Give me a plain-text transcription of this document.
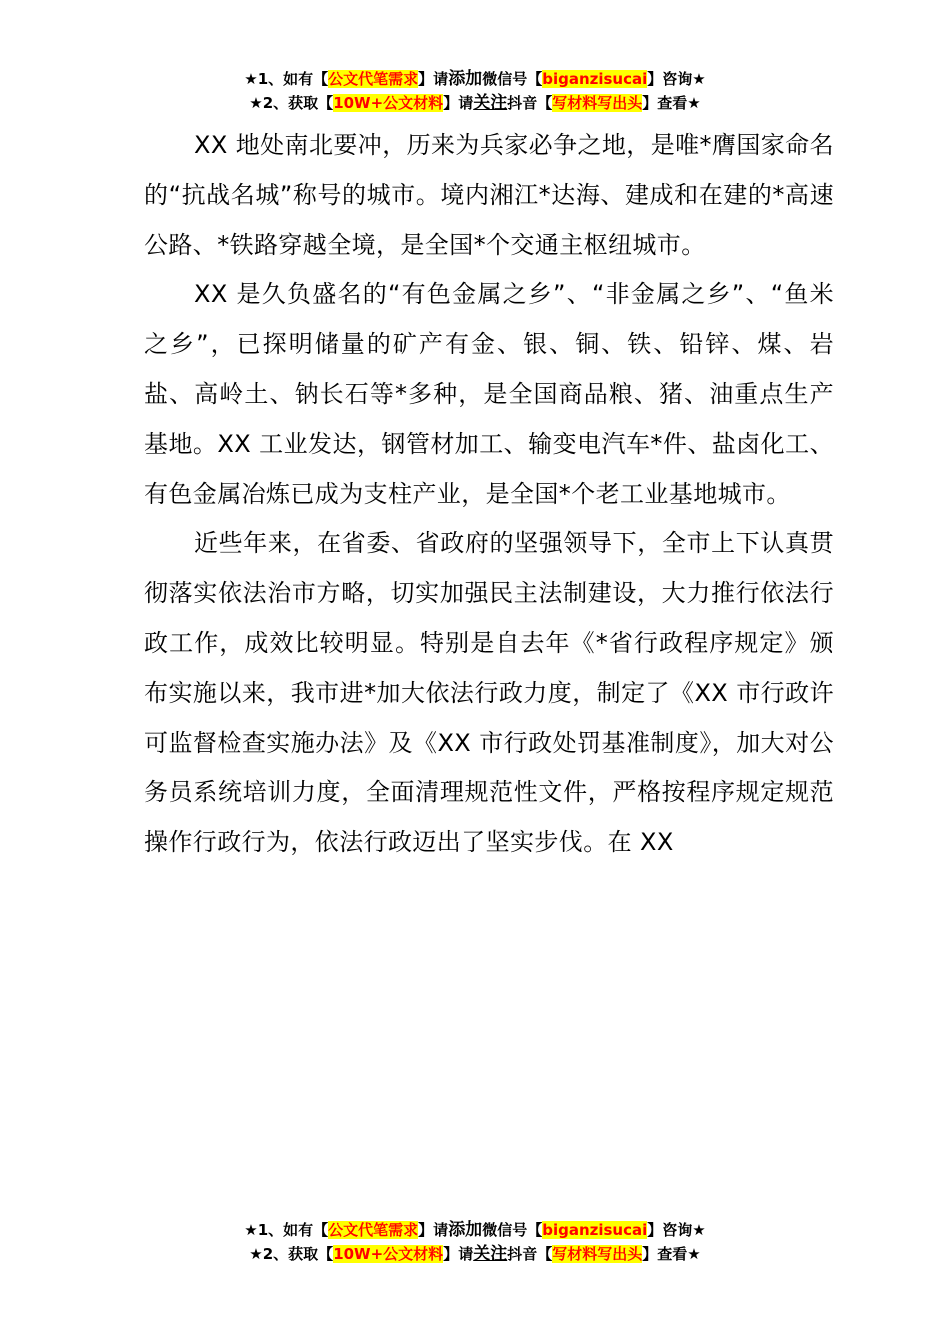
★1、如有【公文代笔需求】请添加微信号【biganzisucai】咨询★
★2、获取【10W+公文材料】请关注抖音【写材料写出头】查看★

XX 地处南北要冲，历来为兵家必争之地，是唯*膺国家命名的“抗战名城”称号的城市。境内湘江*达海、建成和在建的*高速公路、*铁路穿越全境，是全国*个交通主枢纽城市。

XX 是久负盛名的“有色金属之乡”、“非金属之乡”、“鱼米之乡”，已探明储量的矿产有金、银、铜、铁、铅锌、煤、岩盐、高岭土、钠长石等*多种，是全国商品粮、猪、油重点生产基地。XX 工业发达，钢管材加工、输变电汽车*件、盐卤化工、有色金属冶炼已成为支柱产业，是全国*个老工业基地城市。

近些年来，在省委、省政府的坚强领导下，全市上下认真贯彻落实依法治市方略，切实加强民主法制建设，大力推行依法行政工作，成效比较明显。特别是自去年《*省行政程序规定》颁布实施以来，我市进*加大依法行政力度，制定了《XX 市行政许可监督检查实施办法》及《XX 市行政处罚基准制度》，加大对公务员系统培训力度，全面清理规范性文件，严格按程序规定规范操作行政行为，依法行政迈出了坚实步伐。在 XX

★1、如有【公文代笔需求】请添加微信号【biganzisucai】咨询★
★2、获取【10W+公文材料】请关注抖音【写材料写出头】查看★
